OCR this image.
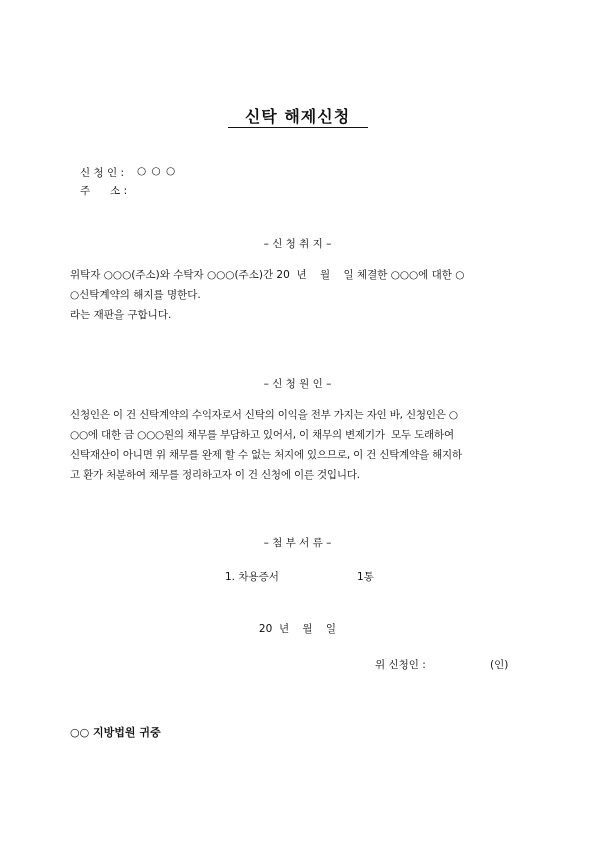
신탁 해제신청
신 청 인 : ○ ○ ○
주      소 :
– 신 청 취 지 –

위탁자 ○○○(주소)와 수탁자 ○○○(주소)간 20  년    월    일 체결한 ○○○에 대한 ○

○신탁계약의 해지를 명한다.

라는 재판을 구합니다.

– 신 청 원 인 –

신청인은 이 건 신탁계약의 수익자로서 신탁의 이익을 전부 가지는 자인 바, 신청인은 ○

○○에 대한 금 ○○○원의 채무를 부담하고 있어서, 이 채무의 변제기가  모두 도래하여

신탁재산이 아니면 위 채무를 완제 할 수 없는 처지에 있으므로, 이 건 신탁계약을 해지하

고 환가 처분하여 채무를 정리하고자 이 건 신청에 이른 것입니다.

– 첨 부 서 류 –
1. 차용증서	1통
20  년    월    일
위 신청인 :	(인)
○○ 지방법원 귀중
